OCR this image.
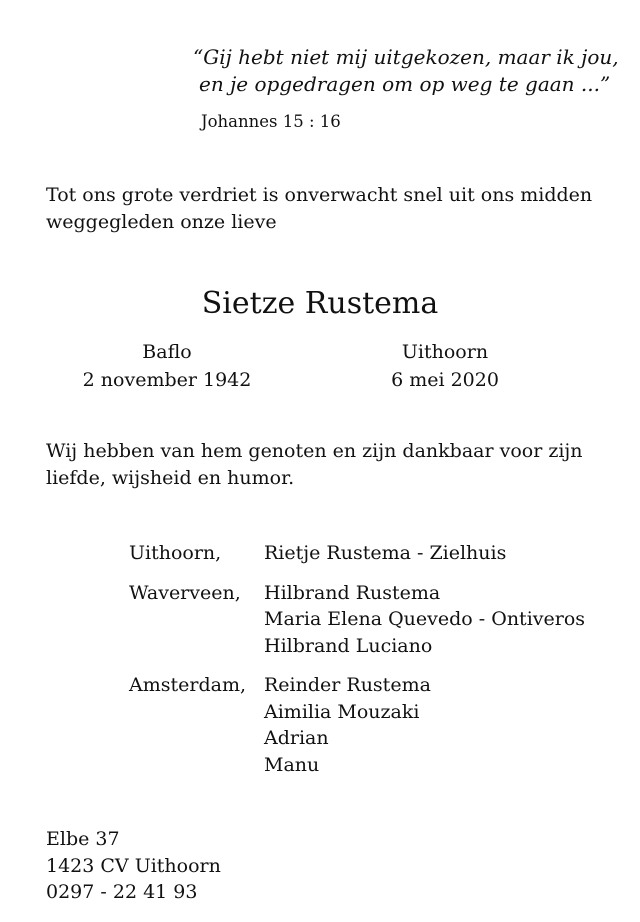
“Gij hebt niet mij uitgekozen, maar ik jou,
en je opgedragen om op weg te gaan ...”
Johannes 15 : 16
Tot ons grote verdriet is onverwacht snel uit ons midden
weggegleden onze lieve
Sietze Rustema
Baflo
2 november 1942
Uithoorn
6 mei 2020
Wij hebben van hem genoten en zijn dankbaar voor zijn
liefde, wijsheid en humor.
Uithoorn, Rietje Rustema - Zielhuis
Waverveen, Hilbrand Rustema
Maria Elena Quevedo - Ontiveros
Hilbrand Luciano
Amsterdam, Reinder Rustema
Aimilia Mouzaki
Adrian
Manu
Elbe 37
1423 CV Uithoorn
0297 - 22 41 93
